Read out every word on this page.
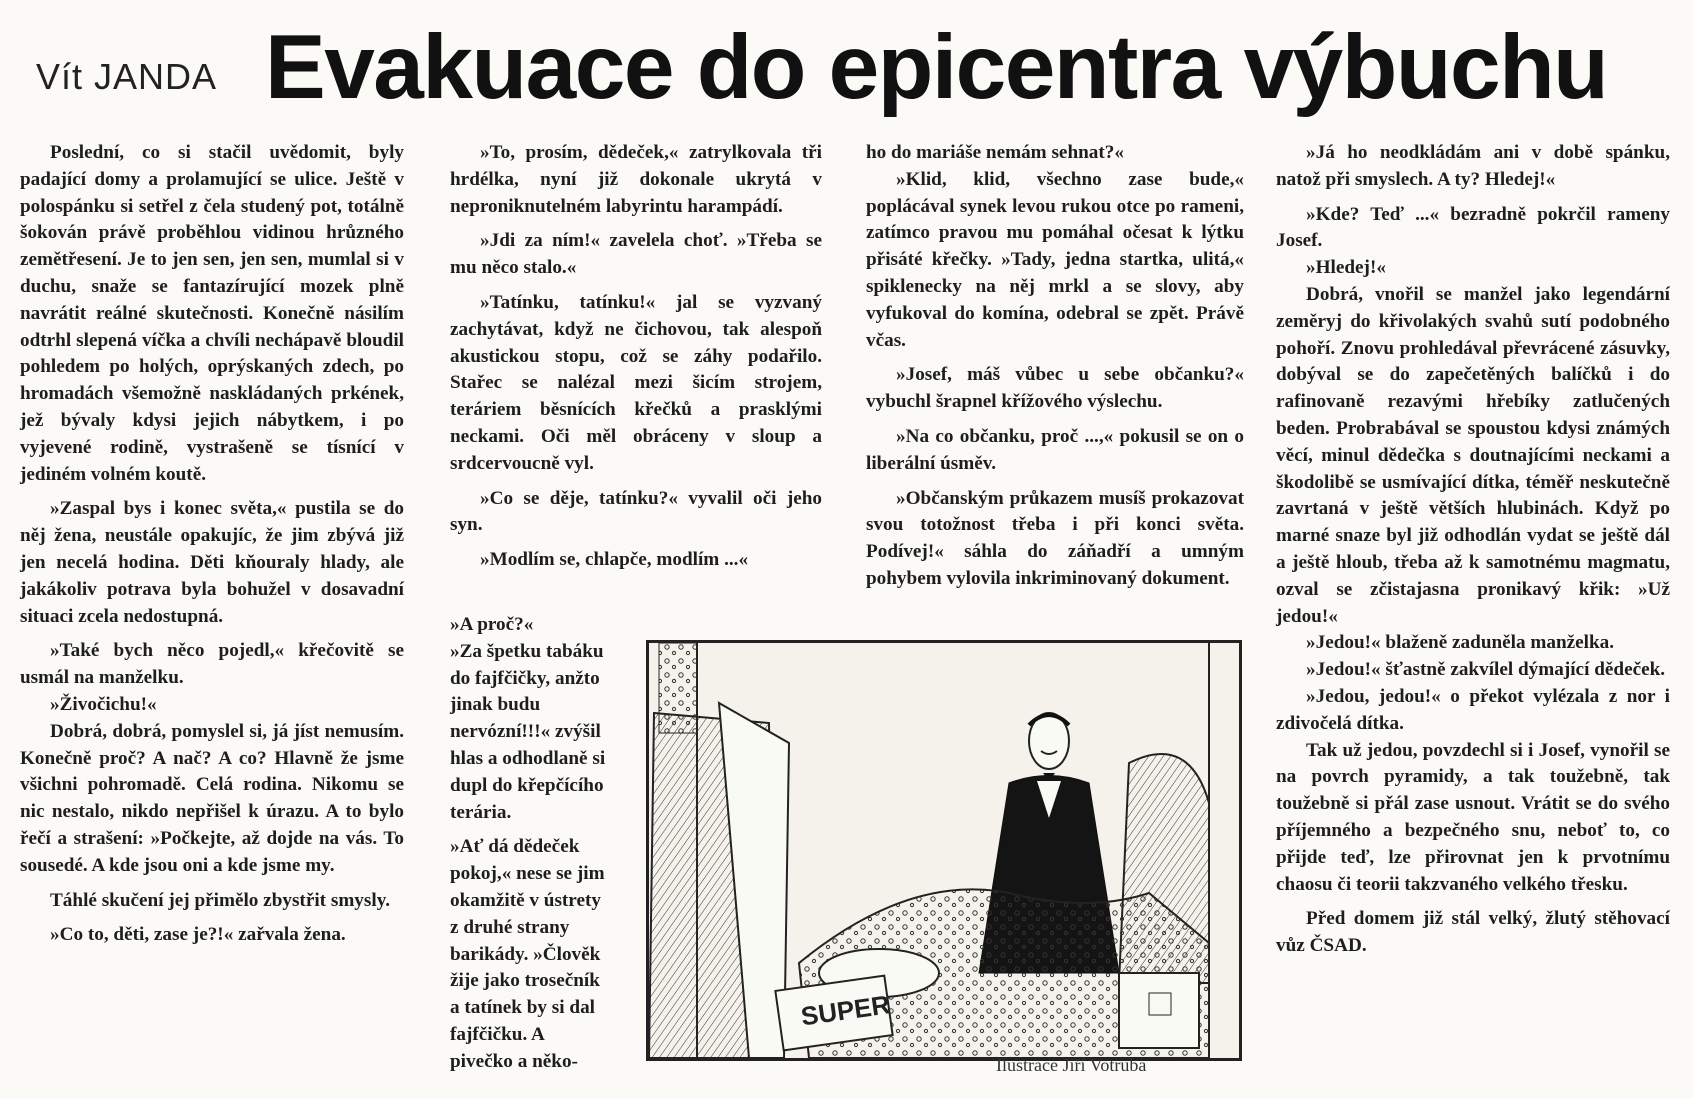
Vít JANDA Evakuace do epicentra výbuchu

Poslední, co si stačil uvědomit, byly padající domy a prolamující se ulice. Ještě v polospánku si setřel z čela studený pot, totálně šokován právě proběhlou vidinou hrůzného zemětřesení. Je to jen sen, jen sen, mumlal si v duchu, snaže se fantazírující mozek plně navrátit reálné skutečnosti. Konečně násilím odtrhl slepená víčka a chvíli nechápavě bloudil pohledem po holých, oprýskaných zdech, po hromadách všemožně naskládaných prkének, jež bývaly kdysi jejich nábytkem, i po vyjevené rodině, vystrašeně se tísnící v jediném volném koutě.

»Zaspal bys i konec světa,« pustila se do něj žena, neustále opakujíc, že jim zbývá již jen necelá hodina. Děti kňouraly hlady, ale jakákoliv potrava byla bohužel v dosavadní situaci zcela nedostupná.

»Také bych něco pojedl,« křečovitě se usmál na manželku.

»Živočichu!«

Dobrá, dobrá, pomyslel si, já jíst nemusím. Konečně proč? A nač? A co? Hlavně že jsme všichni pohromadě. Celá rodina. Nikomu se nic nestalo, nikdo nepřišel k úrazu. A to bylo řečí a strašení: »Počkejte, až dojde na vás. To sousedé. A kde jsou oni a kde jsme my.

Táhlé skučení jej přimělo zbystřit smysly.

»Co to, děti, zase je?!« zařvala žena.

»To, prosím, dědeček,« zatrylkovala tři hrdélka, nyní již dokonale ukrytá v neproniknutelném labyrintu harampádí.

»Jdi za ním!« zavelela choť. »Třeba se mu něco stalo.«

»Tatínku, tatínku!« jal se vyzvaný zachytávat, když ne čichovou, tak alespoň akustickou stopu, což se záhy podařilo. Stařec se nalézal mezi šicím strojem, teráriem běsnících křečků a prasklými neckami. Oči měl obráceny v sloup a srdcervoucně vyl.

»Co se děje, tatínku?« vyvalil oči jeho syn.

»Modlím se, chlapče, modlím ...«

»A proč?«

»Za špetku tabáku do fajfčičky, anžto jinak budu nervózní!!!« zvýšil hlas a odhodlaně si dupl do křepčícího terária.

»Ať dá dědeček pokoj,« nese se jim okamžitě v ústrety z druhé strany barikády. »Člověk žije jako trosečník a tatínek by si dal fajfčičku. A pivečko a něko-

ho do mariáše nemám sehnat?«

»Klid, klid, všechno zase bude,« poplácával synek levou rukou otce po rameni, zatímco pravou mu pomáhal očesat k lýtku přisáté křečky. »Tady, jedna startka, ulitá,« spiklenecky na něj mrkl a se slovy, aby vyfukoval do komína, odebral se zpět. Právě včas.

»Josef, máš vůbec u sebe občanku?« vybuchl šrapnel křížového výslechu.

»Na co občanku, proč ...,« pokusil se on o liberální úsměv.

»Občanským průkazem musíš prokazovat svou totožnost třeba i při konci světa. Podívej!« sáhla do záňadří a umným pohybem vylovila inkriminovaný dokument.

»Já ho neodkládám ani v době spánku, natož při smyslech. A ty? Hledej!«

»Kde? Teď ...« bezradně pokrčil rameny Josef.

»Hledej!«

Dobrá, vnořil se manžel jako legendární zeměryj do křivolakých svahů sutí podobného pohoří. Znovu prohledával převrácené zásuvky, dobýval se do zapečetěných balíčků i do rafinovaně rezavými hřebíky zatlučených beden. Probrabával se spoustou kdysi známých věcí, minul dědečka s doutnajícími neckami a škodolibě se usmívající dítka, téměř neskutečně zavrtaná v ještě větších hlubinách. Když po marné snaze byl již odhodlán vydat se ještě dál a ještě hloub, třeba až k samotnému magmatu, ozval se zčistajasna pronikavý křik: »Už jedou!«

»Jedou!« blaženě zaduněla manželka.

»Jedou!« šťastně zakvílel dýmající dědeček.

»Jedou, jedou!« o překot vylézala z nor i zdivočelá dítka.

Tak už jedou, povzdechl si i Josef, vynořil se na povrch pyramidy, a tak toužebně, tak toužebně si přál zase usnout. Vrátit se do svého příjemného a bezpečného snu, neboť to, co přijde teď, lze přirovnat jen k prvotnímu chaosu či teorii takzvaného velkého třesku.

Před domem již stál velký, žlutý stěhovací vůz ČSAD.

SUPER
Ilustrace Jiří Votruba
